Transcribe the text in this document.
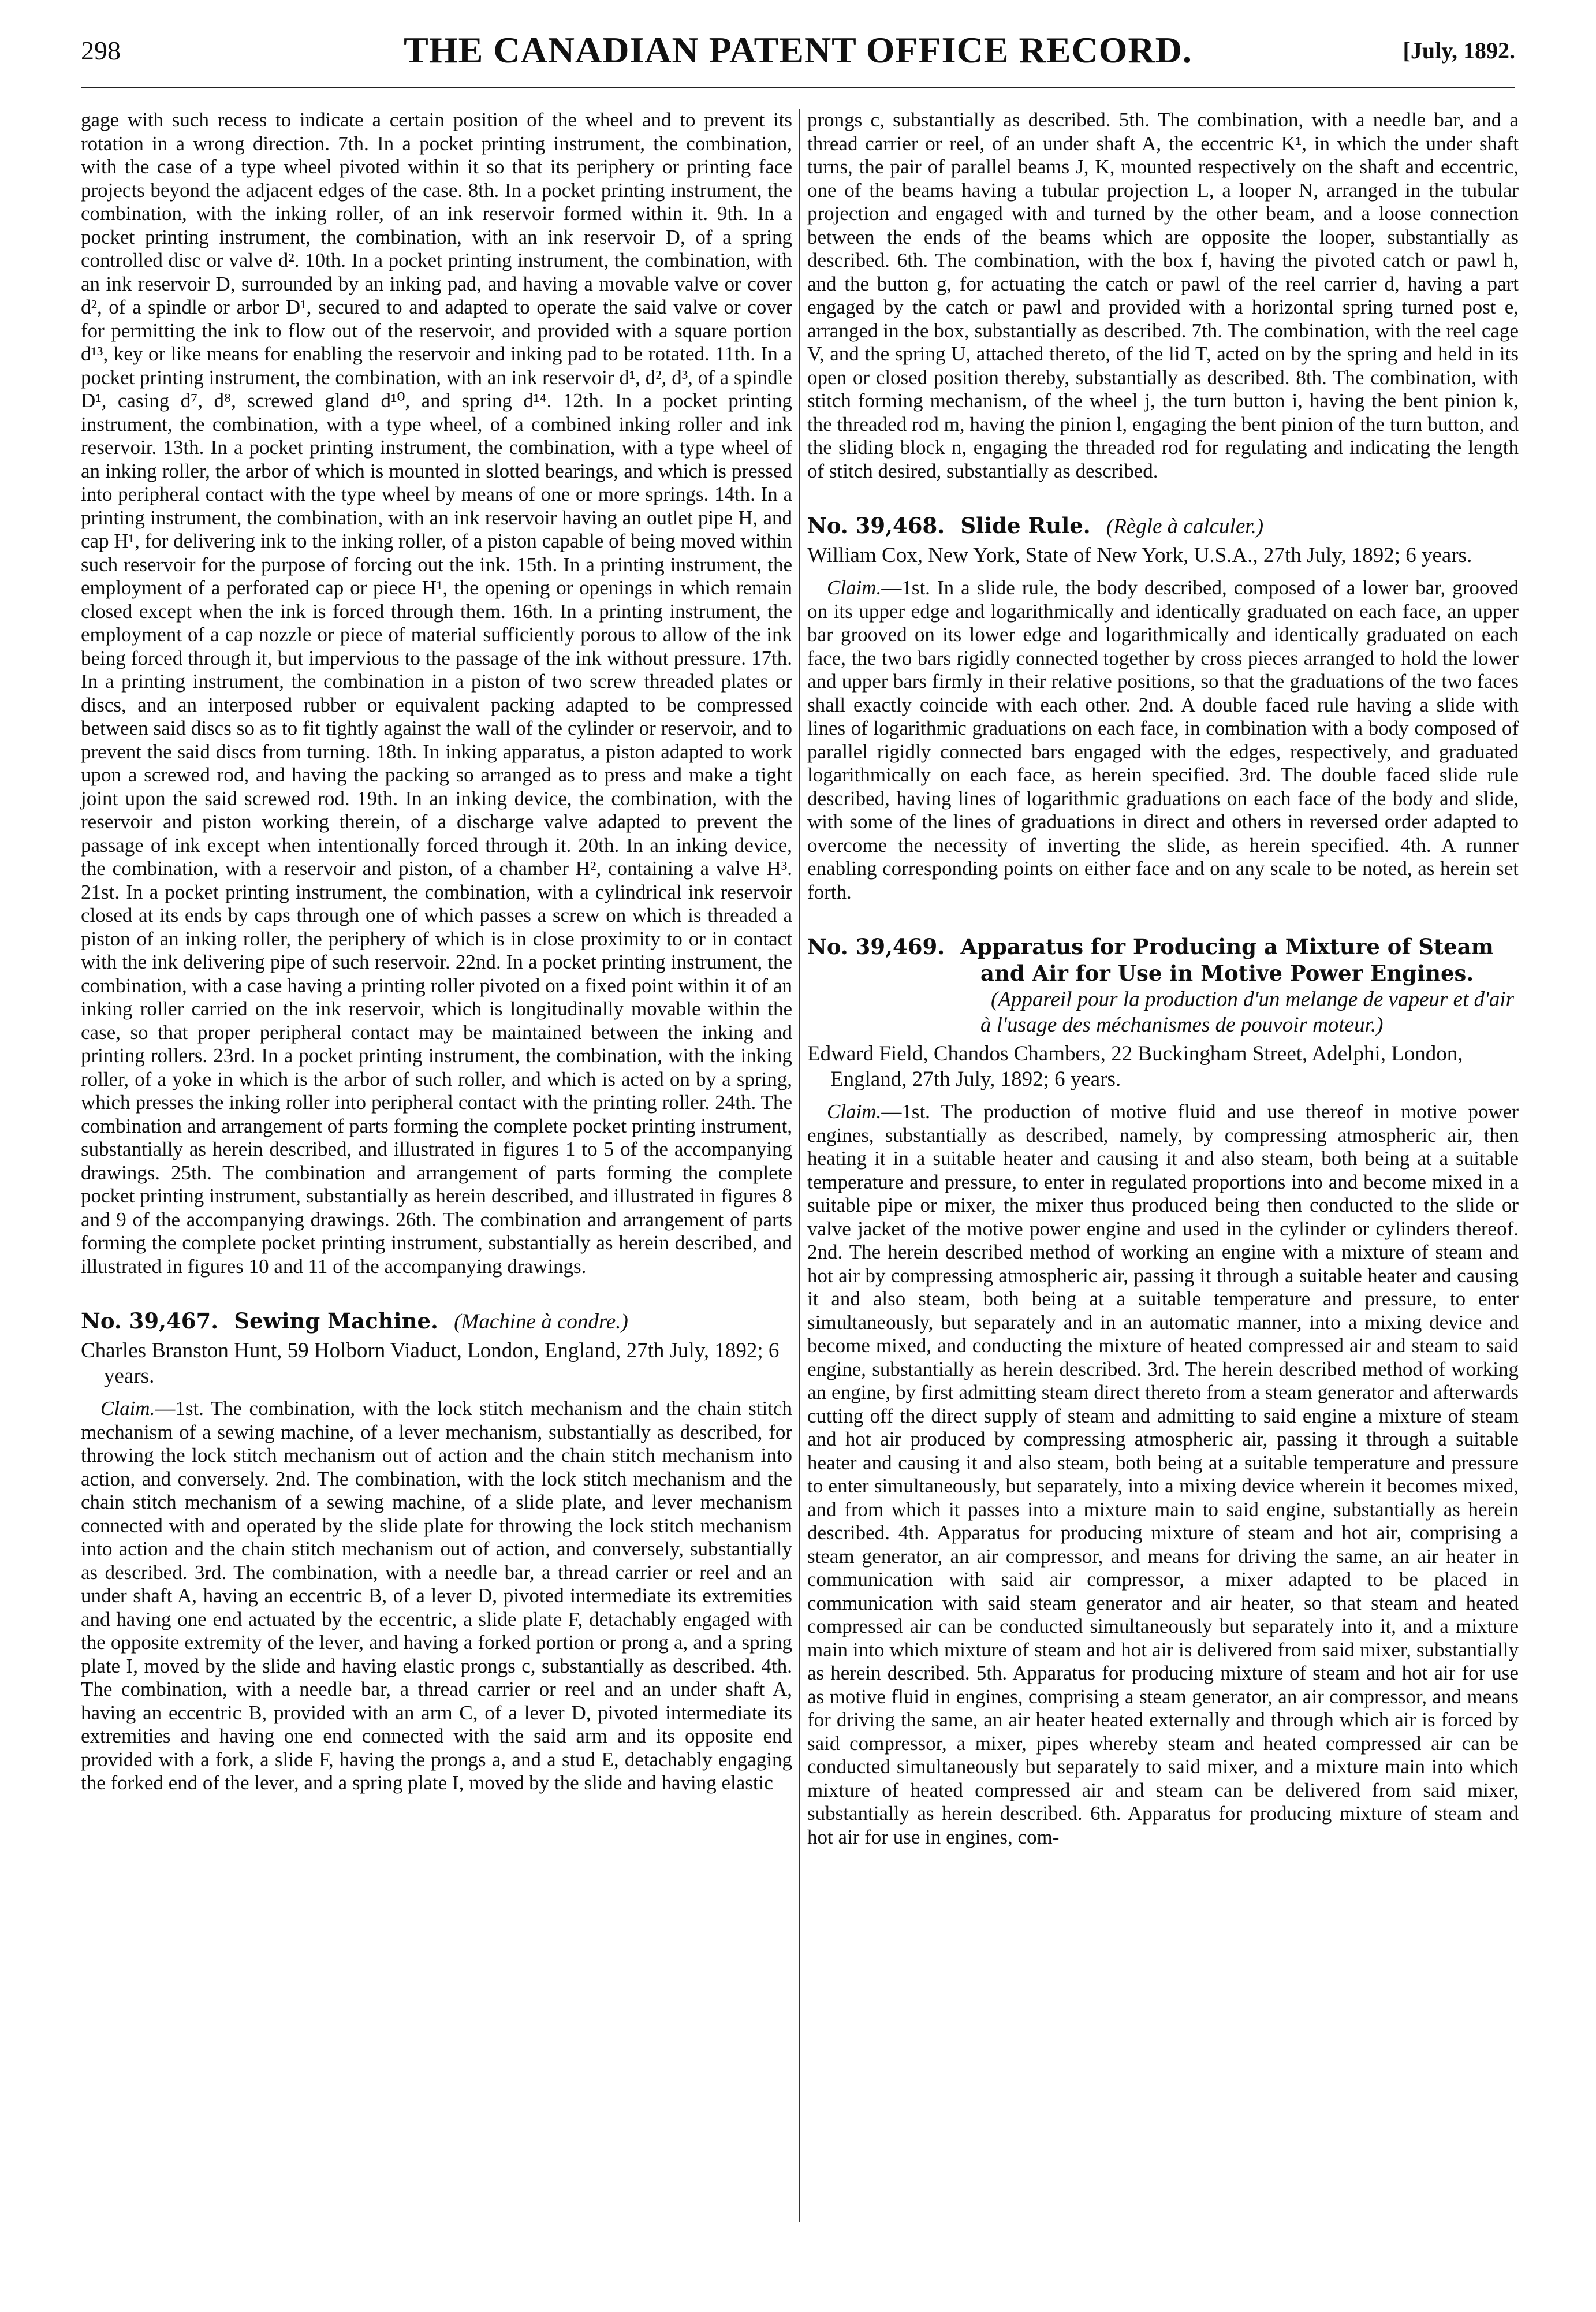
298	THE CANADIAN PATENT OFFICE RECORD.	[July, 1892.

gage with such recess to indicate a certain position of the wheel and to prevent its rotation in a wrong direction. 7th. In a pocket printing instrument, the combination, with the case of a type wheel pivoted within it so that its periphery or printing face projects beyond the adjacent edges of the case. 8th. In a pocket printing instrument, the combination, with the inking roller, of an ink reservoir formed within it. 9th. In a pocket printing instrument, the combination, with an ink reservoir D, of a spring controlled disc or valve d². 10th. In a pocket printing instrument, the combination, with an ink reservoir D, surrounded by an inking pad, and having a movable valve or cover d², of a spindle or arbor D¹, secured to and adapted to operate the said valve or cover for permitting the ink to flow out of the reservoir, and provided with a square portion d¹³, key or like means for enabling the reservoir and inking pad to be rotated. 11th. In a pocket printing instrument, the combination, with an ink reservoir d¹, d², d³, of a spindle D¹, casing d⁷, d⁸, screwed gland d¹⁰, and spring d¹⁴. 12th. In a pocket printing instrument, the combination, with a type wheel, of a combined inking roller and ink reservoir. 13th. In a pocket printing instrument, the combination, with a type wheel of an inking roller, the arbor of which is mounted in slotted bearings, and which is pressed into peripheral contact with the type wheel by means of one or more springs. 14th. In a printing instrument, the combination, with an ink reservoir having an outlet pipe H, and cap H¹, for delivering ink to the inking roller, of a piston capable of being moved within such reservoir for the purpose of forcing out the ink. 15th. In a printing instrument, the employment of a perforated cap or piece H¹, the opening or openings in which remain closed except when the ink is forced through them. 16th. In a printing instrument, the employment of a cap nozzle or piece of material sufficiently porous to allow of the ink being forced through it, but impervious to the passage of the ink without pressure. 17th. In a printing instrument, the combination in a piston of two screw threaded plates or discs, and an interposed rubber or equivalent packing adapted to be compressed between said discs so as to fit tightly against the wall of the cylinder or reservoir, and to prevent the said discs from turning. 18th. In inking apparatus, a piston adapted to work upon a screwed rod, and having the packing so arranged as to press and make a tight joint upon the said screwed rod. 19th. In an inking device, the combination, with the reservoir and piston working therein, of a discharge valve adapted to prevent the passage of ink except when intentionally forced through it. 20th. In an inking device, the combination, with a reservoir and piston, of a chamber H², containing a valve H³. 21st. In a pocket printing instrument, the combination, with a cylindrical ink reservoir closed at its ends by caps through one of which passes a screw on which is threaded a piston of an inking roller, the periphery of which is in close proximity to or in contact with the ink delivering pipe of such reservoir. 22nd. In a pocket printing instrument, the combination, with a case having a printing roller pivoted on a fixed point within it of an inking roller carried on the ink reservoir, which is longitudinally movable within the case, so that proper peripheral contact may be maintained between the inking and printing rollers. 23rd. In a pocket printing instrument, the combination, with the inking roller, of a yoke in which is the arbor of such roller, and which is acted on by a spring, which presses the inking roller into peripheral contact with the printing roller. 24th. The combination and arrangement of parts forming the complete pocket printing instrument, substantially as herein described, and illustrated in figures 1 to 5 of the accompanying drawings. 25th. The combination and arrangement of parts forming the complete pocket printing instrument, substantially as herein described, and illustrated in figures 8 and 9 of the accompanying drawings. 26th. The combination and arrangement of parts forming the complete pocket printing instrument, substantially as herein described, and illustrated in figures 10 and 11 of the accompanying drawings.

No. 39,467. Sewing Machine. (Machine à condre.)

Charles Branston Hunt, 59 Holborn Viaduct, London, England, 27th July, 1892; 6 years.

Claim.—1st. The combination, with the lock stitch mechanism and the chain stitch mechanism of a sewing machine, of a lever mechanism, substantially as described, for throwing the lock stitch mechanism out of action and the chain stitch mechanism into action, and conversely. 2nd. The combination, with the lock stitch mechanism and the chain stitch mechanism of a sewing machine, of a slide plate, and lever mechanism connected with and operated by the slide plate for throwing the lock stitch mechanism into action and the chain stitch mechanism out of action, and conversely, substantially as described. 3rd. The combination, with a needle bar, a thread carrier or reel and an under shaft A, having an eccentric B, of a lever D, pivoted intermediate its extremities and having one end actuated by the eccentric, a slide plate F, detachably engaged with the opposite extremity of the lever, and having a forked portion or prong a, and a spring plate I, moved by the slide and having elastic prongs c, substantially as described. 4th. The combination, with a needle bar, a thread carrier or reel and an under shaft A, having an eccentric B, provided with an arm C, of a lever D, pivoted intermediate its extremities and having one end connected with the said arm and its opposite end provided with a fork, a slide F, having the prongs a, and a stud E, detachably engaging the forked end of the lever, and a spring plate I, moved by the slide and having elastic

prongs c, substantially as described. 5th. The combination, with a needle bar, and a thread carrier or reel, of an under shaft A, the eccentric K¹, in which the under shaft turns, the pair of parallel beams J, K, mounted respectively on the shaft and eccentric, one of the beams having a tubular projection L, a looper N, arranged in the tubular projection and engaged with and turned by the other beam, and a loose connection between the ends of the beams which are opposite the looper, substantially as described. 6th. The combination, with the box f, having the pivoted catch or pawl h, and the button g, for actuating the catch or pawl of the reel carrier d, having a part engaged by the catch or pawl and provided with a horizontal spring turned post e, arranged in the box, substantially as described. 7th. The combination, with the reel cage V, and the spring U, attached thereto, of the lid T, acted on by the spring and held in its open or closed position thereby, substantially as described. 8th. The combination, with stitch forming mechanism, of the wheel j, the turn button i, having the bent pinion k, the threaded rod m, having the pinion l, engaging the bent pinion of the turn button, and the sliding block n, engaging the threaded rod for regulating and indicating the length of stitch desired, substantially as described.

No. 39,468. Slide Rule. (Règle à calculer.)

William Cox, New York, State of New York, U.S.A., 27th July, 1892; 6 years.

Claim.—1st. In a slide rule, the body described, composed of a lower bar, grooved on its upper edge and logarithmically and identically graduated on each face, an upper bar grooved on its lower edge and logarithmically and identically graduated on each face, the two bars rigidly connected together by cross pieces arranged to hold the lower and upper bars firmly in their relative positions, so that the graduations of the two faces shall exactly coincide with each other. 2nd. A double faced rule having a slide with lines of logarithmic graduations on each face, in combination with a body composed of parallel rigidly connected bars engaged with the edges, respectively, and graduated logarithmically on each face, as herein specified. 3rd. The double faced slide rule described, having lines of logarithmic graduations on each face of the body and slide, with some of the lines of graduations in direct and others in reversed order adapted to overcome the necessity of inverting the slide, as herein specified. 4th. A runner enabling corresponding points on either face and on any scale to be noted, as herein set forth.

No. 39,469. Apparatus for Producing a Mixture of Steam and Air for Use in Motive Power Engines. (Appareil pour la production d'un melange de vapeur et d'air à l'usage des méchanismes de pouvoir moteur.)

Edward Field, Chandos Chambers, 22 Buckingham Street, Adelphi, London, England, 27th July, 1892; 6 years.

Claim.—1st. The production of motive fluid and use thereof in motive power engines, substantially as described, namely, by compressing atmospheric air, then heating it in a suitable heater and causing it and also steam, both being at a suitable temperature and pressure, to enter in regulated proportions into and become mixed in a suitable pipe or mixer, the mixer thus produced being then conducted to the slide or valve jacket of the motive power engine and used in the cylinder or cylinders thereof. 2nd. The herein described method of working an engine with a mixture of steam and hot air by compressing atmospheric air, passing it through a suitable heater and causing it and also steam, both being at a suitable temperature and pressure, to enter simultaneously, but separately and in an automatic manner, into a mixing device and become mixed, and conducting the mixture of heated compressed air and steam to said engine, substantially as herein described. 3rd. The herein described method of working an engine, by first admitting steam direct thereto from a steam generator and afterwards cutting off the direct supply of steam and admitting to said engine a mixture of steam and hot air produced by compressing atmospheric air, passing it through a suitable heater and causing it and also steam, both being at a suitable temperature and pressure to enter simultaneously, but separately, into a mixing device wherein it becomes mixed, and from which it passes into a mixture main to said engine, substantially as herein described. 4th. Apparatus for producing mixture of steam and hot air, comprising a steam generator, an air compressor, and means for driving the same, an air heater in communication with said air compressor, a mixer adapted to be placed in communication with said steam generator and air heater, so that steam and heated compressed air can be conducted simultaneously but separately into it, and a mixture main into which mixture of steam and hot air is delivered from said mixer, substantially as herein described. 5th. Apparatus for producing mixture of steam and hot air for use as motive fluid in engines, comprising a steam generator, an air compressor, and means for driving the same, an air heater heated externally and through which air is forced by said compressor, a mixer, pipes whereby steam and heated compressed air can be conducted simultaneously but separately to said mixer, and a mixture main into which mixture of heated compressed air and steam can be delivered from said mixer, substantially as herein described. 6th. Apparatus for producing mixture of steam and hot air for use in engines, com-
